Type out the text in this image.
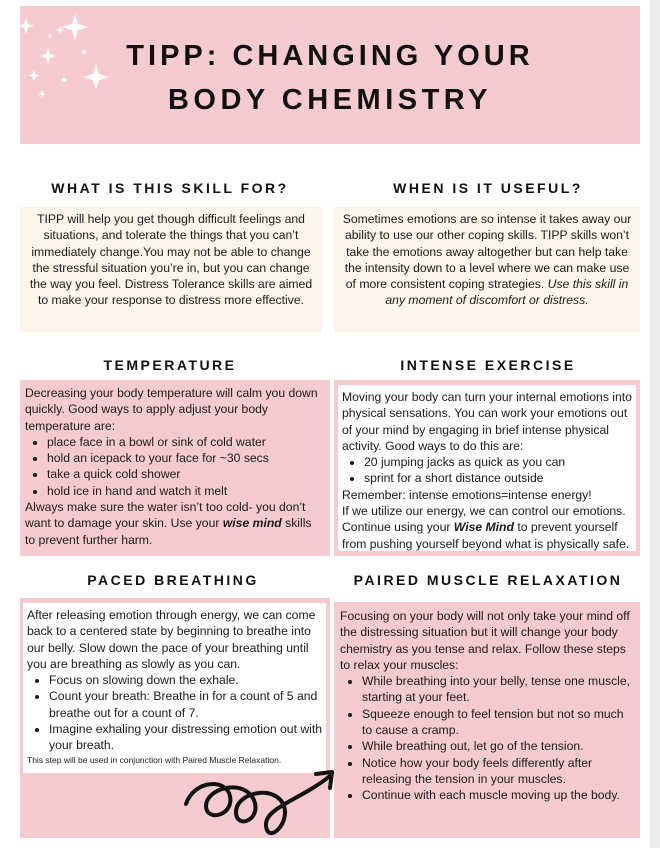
TIPP: CHANGING YOUR
BODY CHEMISTRY
WHAT IS THIS SKILL FOR?

TIPP will help you get though difficult feelings and situations, and tolerate the things that you can’t immediately change.You may not be able to change the stressful situation you’re in, but you can change the way you feel. Distress Tolerance skills are aimed to make your response to distress more effective.

WHEN IS IT USEFUL?

Sometimes emotions are so intense it takes away our ability to use our other coping skills. TIPP skills won’t take the emotions away altogether but can help take the intensity down to a level where we can make use of more consistent coping strategies. Use this skill in any moment of discomfort or distress.

TEMPERATURE

Decreasing your body temperature will calm you down quickly. Good ways to apply adjust your body temperature are:

• place face in a bowl or sink of cold water
• hold an icepack to your face for ~30 secs
• take a quick cold shower
• hold ice in hand and watch it melt

Always make sure the water isn’t too cold- you don’t want to damage your skin. Use your wise mind skills to prevent further harm.

INTENSE EXERCISE

Moving your body can turn your internal emotions into physical sensations. You can work your emotions out of your mind by engaging in brief intense physical activity. Good ways to do this are:

• 20 jumping jacks as quick as you can
• sprint for a short distance outside

Remember: intense emotions=intense energy!

If we utilize our energy, we can control our emotions. Continue using your Wise Mind to prevent yourself from pushing yourself beyond what is physically safe.

PACED BREATHING

After releasing emotion through energy, we can come back to a centered state by beginning to breathe into our belly. Slow down the pace of your breathing until you are breathing as slowly as you can.

• Focus on slowing down the exhale.
• Count your breath: Breathe in for a count of 5 and breathe out for a count of 7.
• Imagine exhaling your distressing emotion out with your breath.

This step will be used in conjunction with Paired Muscle Relaxation.

PAIRED MUSCLE RELAXATION

Focusing on your body will not only take your mind off the distressing situation but it will change your body chemistry as you tense and relax. Follow these steps to relax your muscles:

• While breathing into your belly, tense one muscle, starting at your feet.
• Squeeze enough to feel tension but not so much to cause a cramp.
• While breathing out, let go of the tension.
• Notice how your body feels differently after releasing the tension in your muscles.
• Continue with each muscle moving up the body.
